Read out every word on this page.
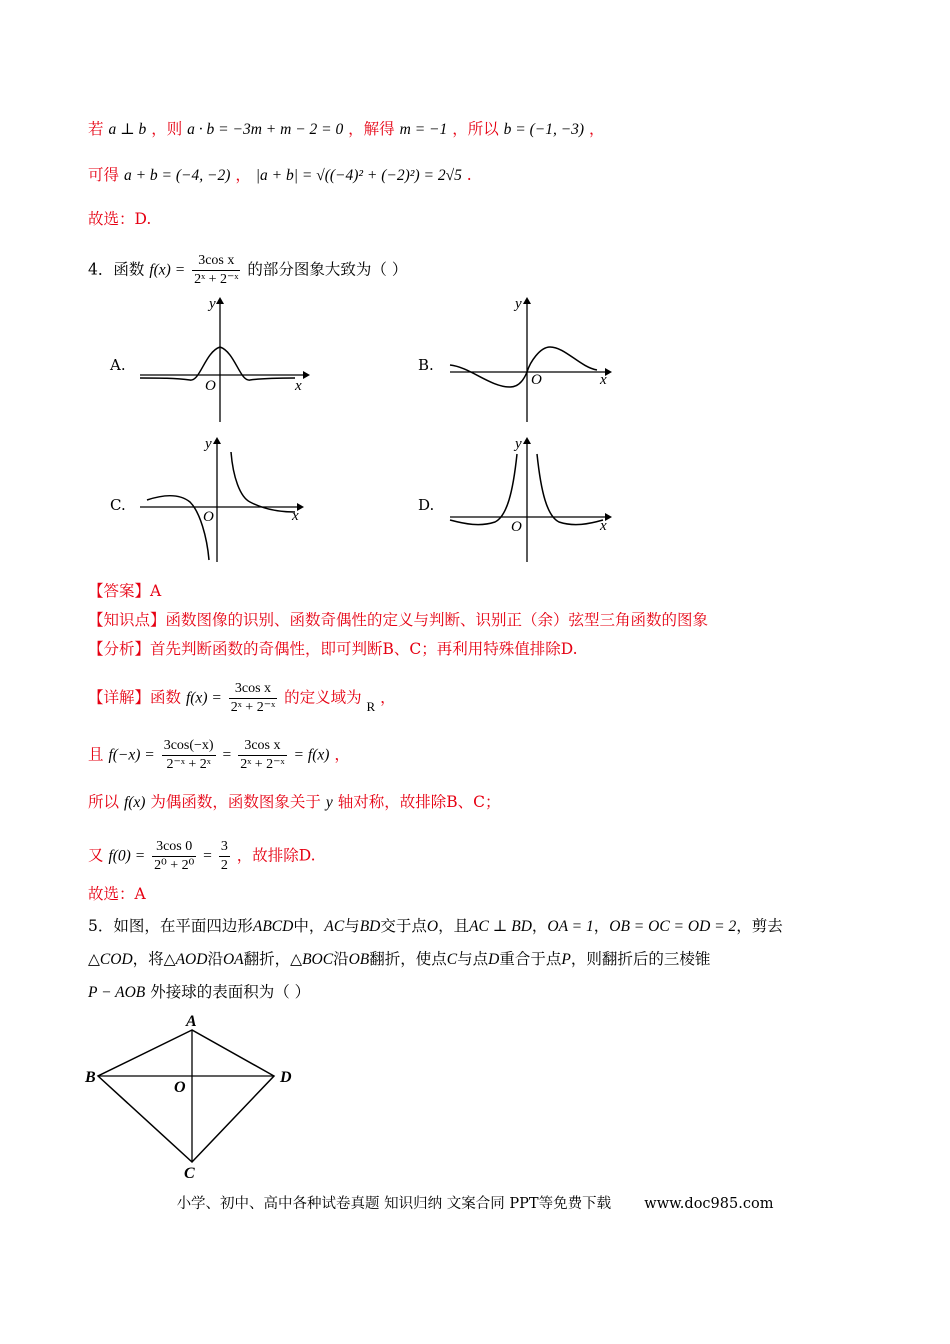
若 a ⊥ b ，则 a · b = −3m + m − 2 = 0 ，解得 m = −1 ，所以 b = (−1, −3) ，
可得 a + b = (−4, −2) ， |a + b| = √((−4)² + (−2)²) = 2√5 .
故选：D.
4．函数 $f(x) = \frac{\text{3cos x}}{\text{2ˣ + 2⁻ˣ}}$ 的部分图象大致为（ ）
A.
y
x
O
B.
y
x
O
C.
y
x
O
D.
y
x
O
【答案】A
【知识点】函数图像的识别、函数奇偶性的定义与判断、识别正（余）弦型三角函数的图象
【分析】首先判断函数的奇偶性，即可判断B、C；再利用特殊值排除D.
【详解】函数 $f(x) = \frac{\text{3cos x}}{\text{2ˣ + 2⁻ˣ}}$ 的定义域为 $_R$ ，
且 $f(-x) = \frac{3\cos(-x)}{\text{2⁻ˣ + 2ˣ}} = \frac{\text{3cos x}}{\text{2ˣ + 2⁻ˣ}} = f(x)$ ，
所以 f(x) 为偶函数，函数图象关于 y 轴对称，故排除B、C；
又 $f(0) = \frac{3\cos 0}{\text{2⁰ + 2⁰}} = \frac{3}{2}$ ，故排除D.
故选：A
5．如图，在平面四边形ABCD中，AC与BD交于点O，且AC ⊥ BD，OA = 1，OB = OC = OD = 2，剪去
△COD，将△AOD沿OA翻折，△BOC沿OB翻折，使点C与点D重合于点P，则翻折后的三棱锥
P − AOB 外接球的表面积为（ ）
A
B
C
D
O
小学、初中、高中各种试卷真题 知识归纳 文案合同 PPT等免费下载 www.doc985.com
